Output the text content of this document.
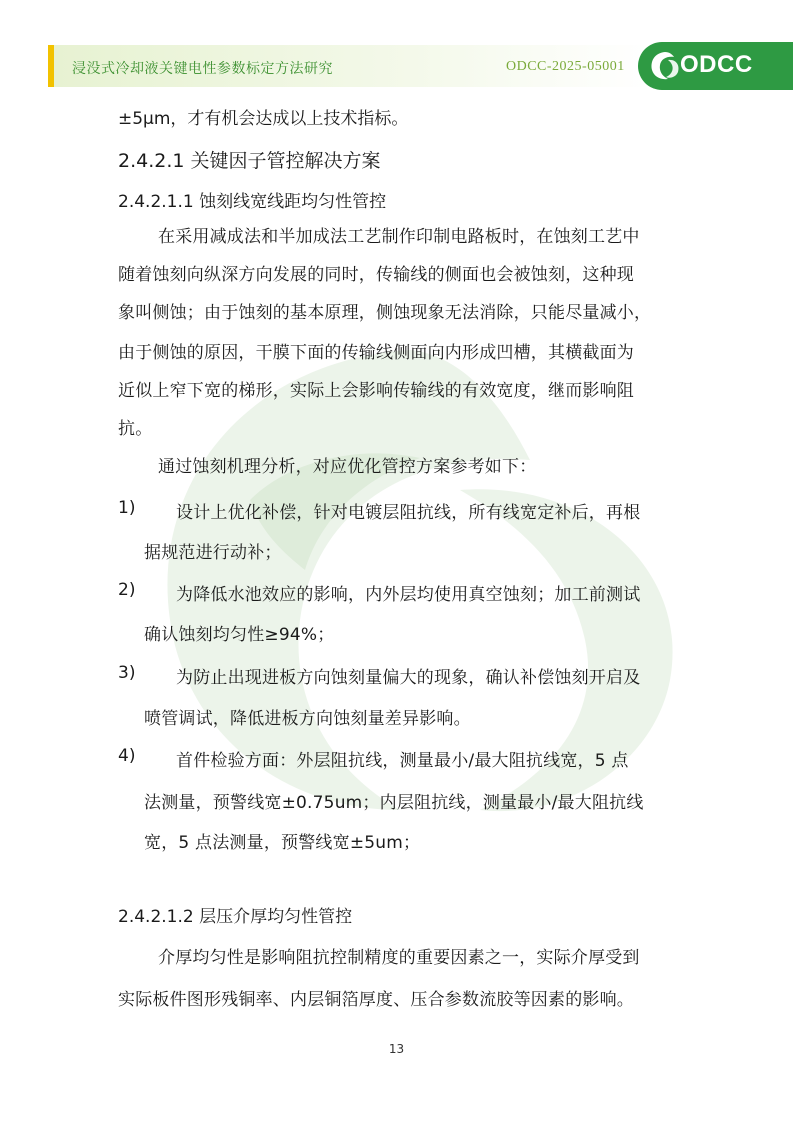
浸没式冷却液关键电性参数标定方法研究	ODCC-2025-05001 ODCC
±5μm，才有机会达成以上技术指标。
2.4.2.1 关键因子管控解决方案
2.4.2.1.1 蚀刻线宽线距均匀性管控
在采用减成法和半加成法工艺制作印制电路板时，在蚀刻工艺中
随着蚀刻向纵深方向发展的同时，传输线的侧面也会被蚀刻，这种现
象叫侧蚀；由于蚀刻的基本原理，侧蚀现象无法消除，只能尽量减小，
由于侧蚀的原因，干膜下面的传输线侧面向内形成凹槽，其横截面为
近似上窄下宽的梯形，实际上会影响传输线的有效宽度，继而影响阻
抗。
通过蚀刻机理分析，对应优化管控方案参考如下：
1) 设计上优化补偿，针对电镀层阻抗线，所有线宽定补后，再根
据规范进行动补；
2) 为降低水池效应的影响，内外层均使用真空蚀刻；加工前测试
确认蚀刻均匀性≥94%；
3) 为防止出现进板方向蚀刻量偏大的现象，确认补偿蚀刻开启及
喷管调试，降低进板方向蚀刻量差异影响。
4) 首件检验方面：外层阻抗线，测量最小/最大阻抗线宽，5 点
法测量，预警线宽±0.75um；内层阻抗线，测量最小/最大阻抗线
宽，5 点法测量，预警线宽±5um；
2.4.2.1.2 层压介厚均匀性管控
介厚均匀性是影响阻抗控制精度的重要因素之一，实际介厚受到
实际板件图形残铜率、内层铜箔厚度、压合参数流胶等因素的影响。
13
